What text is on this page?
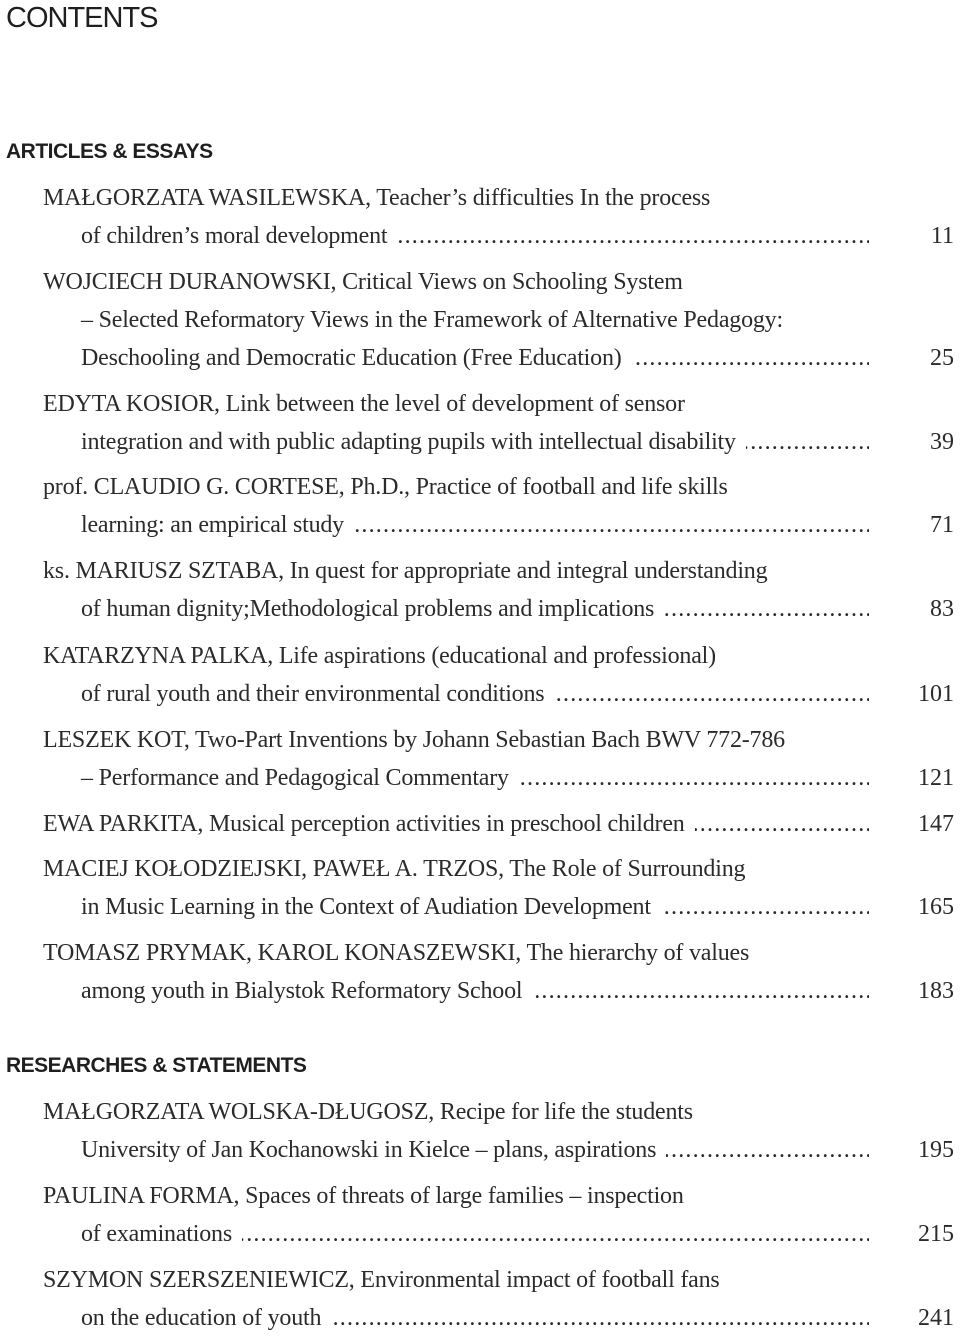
CONTENTS
ARTICLES & ESSAYS
RESEARCHES & STATEMENTS
MAŁGORZATA WASILEWSKA, Teacher’s difficulties In the process
of children’s moral development . . .	11
WOJCIECH DURANOWSKI, Critical Views on Schooling System
– Selected Reformatory Views in the Framework of Alternative Pedagogy:
Deschooling and Democratic Education (Free Education) . . .	25
EDYTA KOSIOR, Link between the level of development of sensor
integration and with public adapting pupils with intellectual disability . . .	39
prof. CLAUDIO G. CORTESE, Ph.D., Practice of football and life skills
learning: an empirical study . . .	71
ks. MARIUSZ SZTABA, In quest for appropriate and integral understanding
of human dignity;Methodological problems and implications . . .	83
KATARZYNA PALKA, Life aspirations (educational and professional)
of rural youth and their environmental conditions . . .	101
LESZEK KOT, Two-Part Inventions by Johann Sebastian Bach BWV 772-786
– Performance and Pedagogical Commentary . . .	121
EWA PARKITA, Musical perception activities in preschool children . . .	147
MACIEJ KOŁODZIEJSKI, PAWEŁ A. TRZOS, The Role of Surrounding
in Music Learning in the Context of Audiation Development . . .	165
TOMASZ PRYMAK, KAROL KONASZEWSKI, The hierarchy of values
among youth in Bialystok Reformatory School . . .	183
MAŁGORZATA WOLSKA-DŁUGOSZ, Recipe for life the students
University of Jan Kochanowski in Kielce – plans, aspirations . . .	195
PAULINA FORMA, Spaces of threats of large families – inspection
of examinations . . .	215
SZYMON SZERSZENIEWICZ, Environmental impact of football fans
on the education of youth . . .	241
